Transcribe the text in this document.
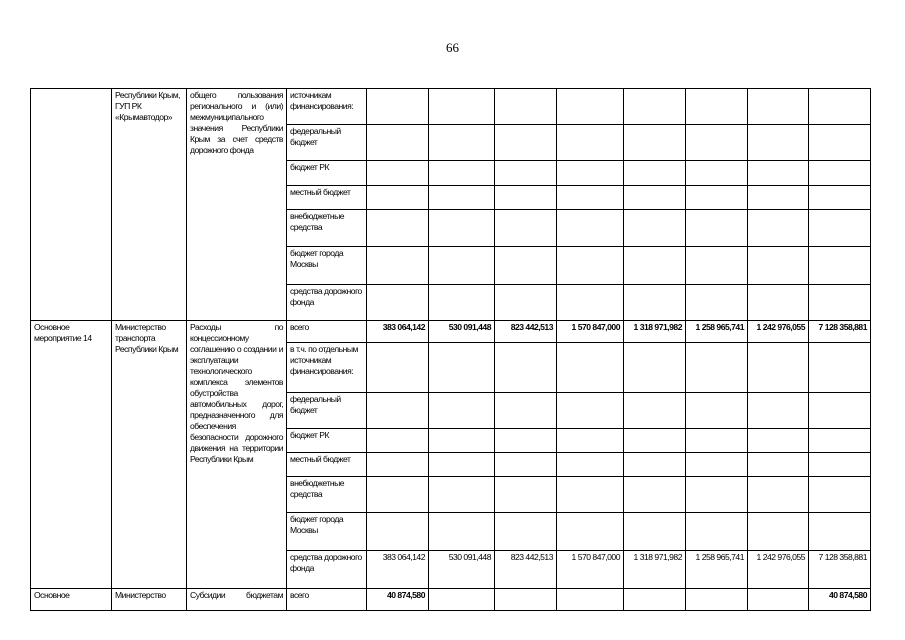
66
	Республики Крым, ГУП РК «Крымавтодор»	общего пользования регионального и (или) межмуниципального значения Республики Крым за счет средств дорожного фонда	источникам финансирования:								
			федеральный бюджет								
			бюджет РК								
			местный бюджет								
			внебюджетные средства								
			бюджет города Москвы								
			средства дорожного фонда								
Основное мероприятие 14	Министерство транспорта Республики Крым	Расходы по концессионному соглашению о создании и эксплуатации технологического комплекса элементов обустройства автомобильных дорог, предназначенного для обеспечения безопасности дорожного движения на территории Республики Крым	всего	383 064,142	530 091,448	823 442,513	1 570 847,000	1 318 971,982	1 258 965,741	1 242 976,055	7 128 358,881
			в т.ч. по отдельным источникам финансирования:								
			федеральный бюджет								
			бюджет РК								
			местный бюджет								
			внебюджетные средства								
			бюджет города Москвы								
			средства дорожного фонда	383 064,142	530 091,448	823 442,513	1 570 847,000	1 318 971,982	1 258 965,741	1 242 976,055	7 128 358,881
Основное	Министерство	Субсидии бюджетам	всего	40 874,580							40 874,580
